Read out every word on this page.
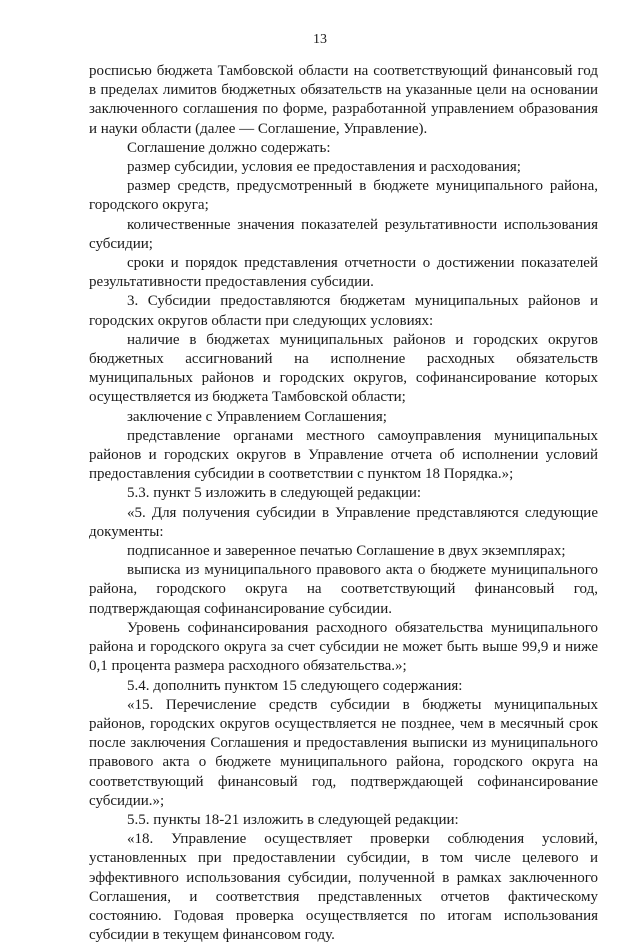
13

росписью бюджета Тамбовской области на соответствующий финансовый год в пределах лимитов бюджетных обязательств на указанные цели на основании заключенного соглашения по форме, разработанной управлением образования и науки области (далее — Соглашение, Управление).

Соглашение должно содержать:

размер субсидии, условия ее предоставления и расходования;

размер средств, предусмотренный в бюджете муниципального района, городского округа;

количественные значения показателей результативности использования субсидии;

сроки и порядок представления отчетности о достижении показателей результативности предоставления субсидии.

3. Субсидии предоставляются бюджетам муниципальных районов и городских округов области при следующих условиях:

наличие в бюджетах муниципальных районов и городских округов бюджетных ассигнований на исполнение расходных обязательств муниципальных районов и городских округов, софинансирование которых осуществляется из бюджета Тамбовской области;

заключение с Управлением Соглашения;

представление органами местного самоуправления муниципальных районов и городских округов в Управление отчета об исполнении условий предоставления субсидии в соответствии с пунктом 18 Порядка.»;

5.3. пункт 5 изложить в следующей редакции:

«5. Для получения субсидии в Управление представляются следующие документы:

подписанное и заверенное печатью Соглашение в двух экземплярах;

выписка из муниципального правового акта о бюджете муниципального района, городского округа на соответствующий финансовый год, подтверждающая софинансирование субсидии.

Уровень софинансирования расходного обязательства муниципального района и городского округа за счет субсидии не может быть выше 99,9 и ниже 0,1 процента размера расходного обязательства.»;

5.4. дополнить пунктом 15 следующего содержания:

«15. Перечисление средств субсидии в бюджеты муниципальных районов, городских округов осуществляется не позднее, чем в месячный срок после заключения Соглашения и предоставления выписки из муниципального правового акта о бюджете муниципального района, городского округа на соответствующий финансовый год, подтверждающей софинансирование субсидии.»;

5.5. пункты 18-21 изложить в следующей редакции:

«18. Управление осуществляет проверки соблюдения условий, установленных при предоставлении субсидии, в том числе целевого и эффективного использования субсидии, полученной в рамках заключенного Соглашения, и соответствия представленных отчетов фактическому состоянию. Годовая проверка осуществляется по итогам использования субсидии в текущем финансовом году.
